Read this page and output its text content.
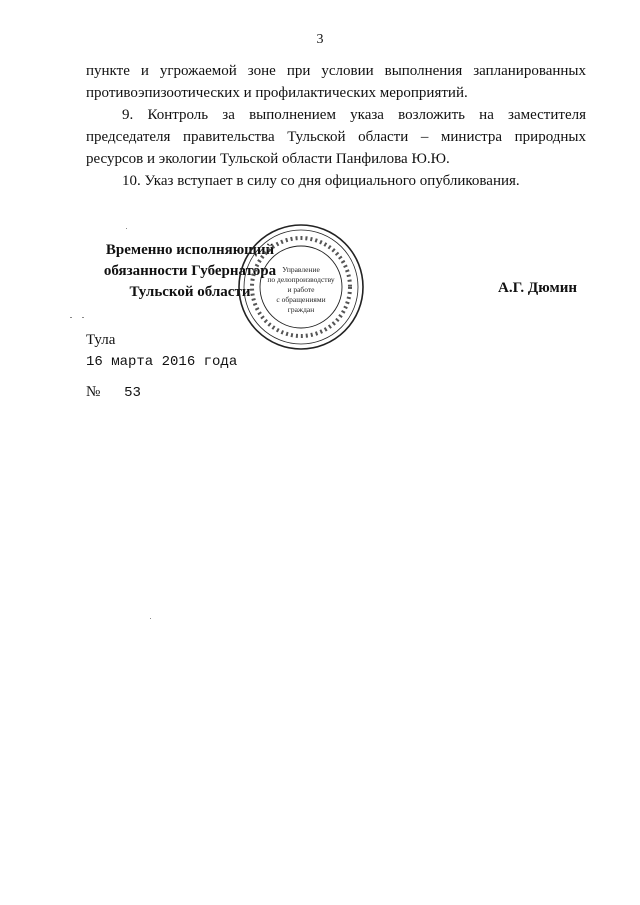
3
пункте и угрожаемой зоне при условии выполнения запланированных
противоэпизоотических и профилактических мероприятий.
9. Контроль за выполнением указа возложить на заместителя
председателя правительства Тульской области – министра природных
ресурсов и экологии Тульской области Панфилова Ю.Ю.
10. Указ вступает в силу со дня официального опубликования.
Временно исполняющий
обязанности Губернатора
Тульской области
Управление
по делопроизводству
и работе
с обращениями
граждан
А.Г. Дюмин
Тула
16 марта 2016 года
№ 53
